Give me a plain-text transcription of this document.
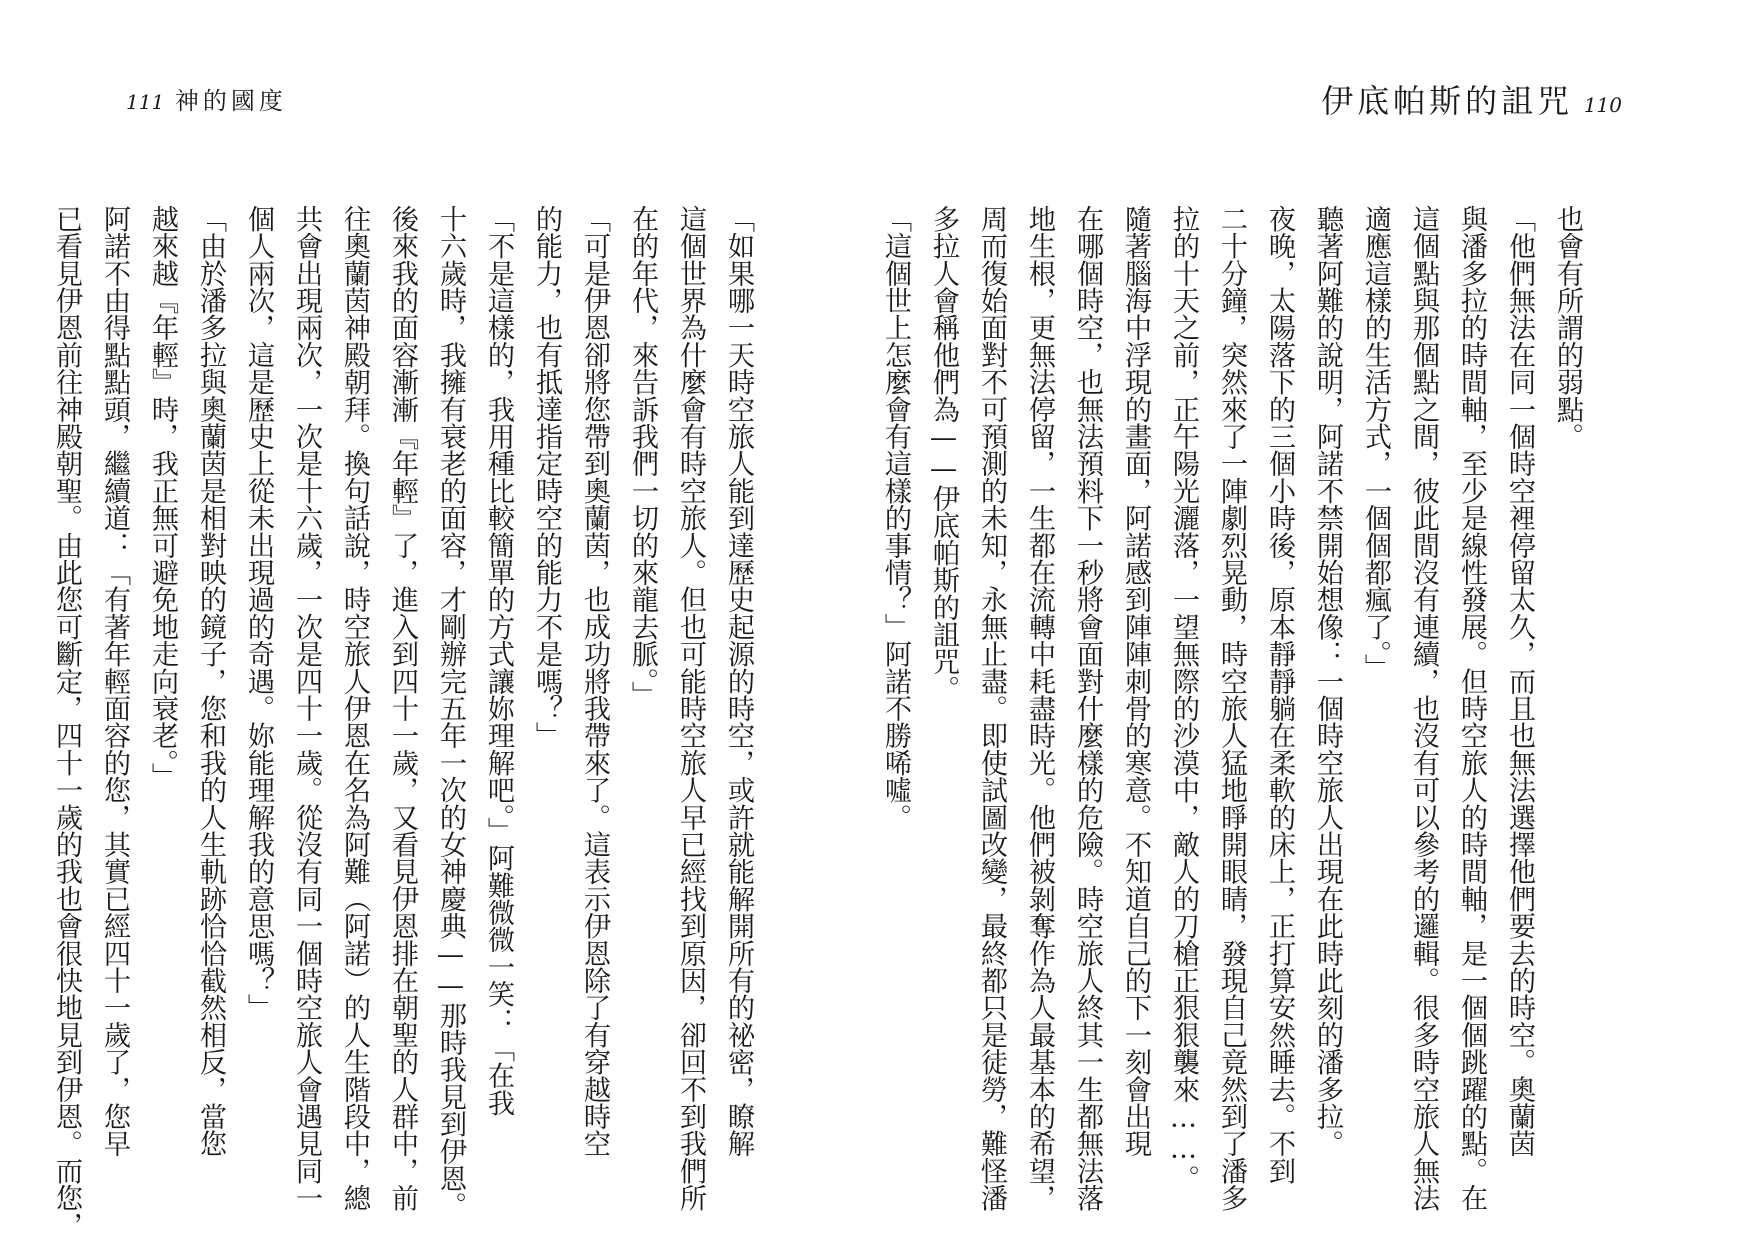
111 神的國度

「如果哪一天時空旅人能到達歷史起源的時空，或許就能解開所有的祕密，瞭解

這個世界為什麼會有時空旅人。但也可能時空旅人早已經找到原因，卻回不到我們所

在的年代，來告訴我們一切的來龍去脈。」

「可是伊恩卻將您帶到奧蘭茵，也成功將我帶來了。這表示伊恩除了有穿越時空

的能力，也有抵達指定時空的能力不是嗎？」

「不是這樣的，我用種比較簡單的方式讓妳理解吧。」阿難微微一笑：「在我

十六歲時，我擁有衰老的面容，才剛辦完五年一次的女神慶典——那時我見到伊恩。

後來我的面容漸漸『年輕』了，進入到四十一歲，又看見伊恩排在朝聖的人群中，前

往奧蘭茵神殿朝拜。換句話說，時空旅人伊恩在名為阿難（阿諾）的人生階段中，總

共會出現兩次，一次是十六歲，一次是四十一歲。從沒有同一個時空旅人會遇見同一

個人兩次，這是歷史上從未出現過的奇遇。妳能理解我的意思嗎？」

「由於潘多拉與奧蘭茵是相對映的鏡子，您和我的人生軌跡恰恰截然相反，當您

越來越『年輕』時，我正無可避免地走向衰老。」

阿諾不由得點點頭，繼續道：「有著年輕面容的您，其實已經四十一歲了，您早

已看見伊恩前往神殿朝聖。由此您可斷定，四十一歲的我也會很快地見到伊恩。而您，

伊底帕斯的詛咒 110

也會有所謂的弱點。

「他們無法在同一個時空裡停留太久，而且也無法選擇他們要去的時空。奧蘭茵

與潘多拉的時間軸，至少是線性發展。但時空旅人的時間軸，是一個個跳躍的點。在

這個點與那個點之間，彼此間沒有連續，也沒有可以參考的邏輯。很多時空旅人無法

適應這樣的生活方式，一個個都瘋了。」

聽著阿難的說明，阿諾不禁開始想像：一個時空旅人出現在此時此刻的潘多拉。

夜晚，太陽落下的三個小時後，原本靜靜躺在柔軟的床上，正打算安然睡去。不到

二十分鐘，突然來了一陣劇烈晃動，時空旅人猛地睜開眼睛，發現自己竟然到了潘多

拉的十天之前，正午陽光灑落，一望無際的沙漠中，敵人的刀槍正狠狠襲來……。

隨著腦海中浮現的畫面，阿諾感到陣陣刺骨的寒意。不知道自己的下一刻會出現

在哪個時空，也無法預料下一秒將會面對什麼樣的危險。時空旅人終其一生都無法落

地生根，更無法停留，一生都在流轉中耗盡時光。他們被剝奪作為人最基本的希望，

周而復始面對不可預測的未知，永無止盡。即使試圖改變，最終都只是徒勞，難怪潘

多拉人會稱他們為——伊底帕斯的詛咒。

「這個世上怎麼會有這樣的事情？」阿諾不勝唏噓。
